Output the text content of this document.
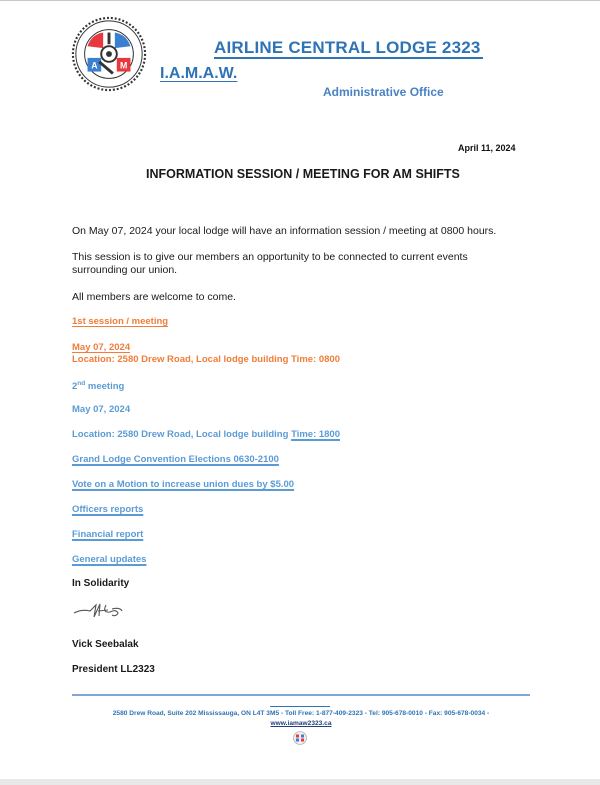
A M
AIRLINE CENTRAL LODGE 2323
I.A.M.A.W.
Administrative Office
April 11, 2024
INFORMATION SESSION / MEETING FOR AM SHIFTS
On May 07, 2024 your local lodge will have an information session / meeting at 0800 hours.
This session is to give our members an opportunity to be connected to current events surrounding our union.
All members are welcome to come.
1st session / meeting
May 07, 2024
Location: 2580 Drew Road, Local lodge building Time: 0800
2nd meeting
May 07, 2024
Location: 2580 Drew Road, Local lodge building Time: 1800
Grand Lodge Convention Elections 0630-2100
Vote on a Motion to increase union dues by $5.00
Officers reports
Financial report
General updates
In Solidarity
Vick Seebalak
President LL2323
2580 Drew Road, Suite 202 Mississauga, ON L4T 3M5 - Toll Free: 1-877-409-2323 - Tel: 905-678-0010 - Fax: 905-678-0034 -
www.iamaw2323.ca
